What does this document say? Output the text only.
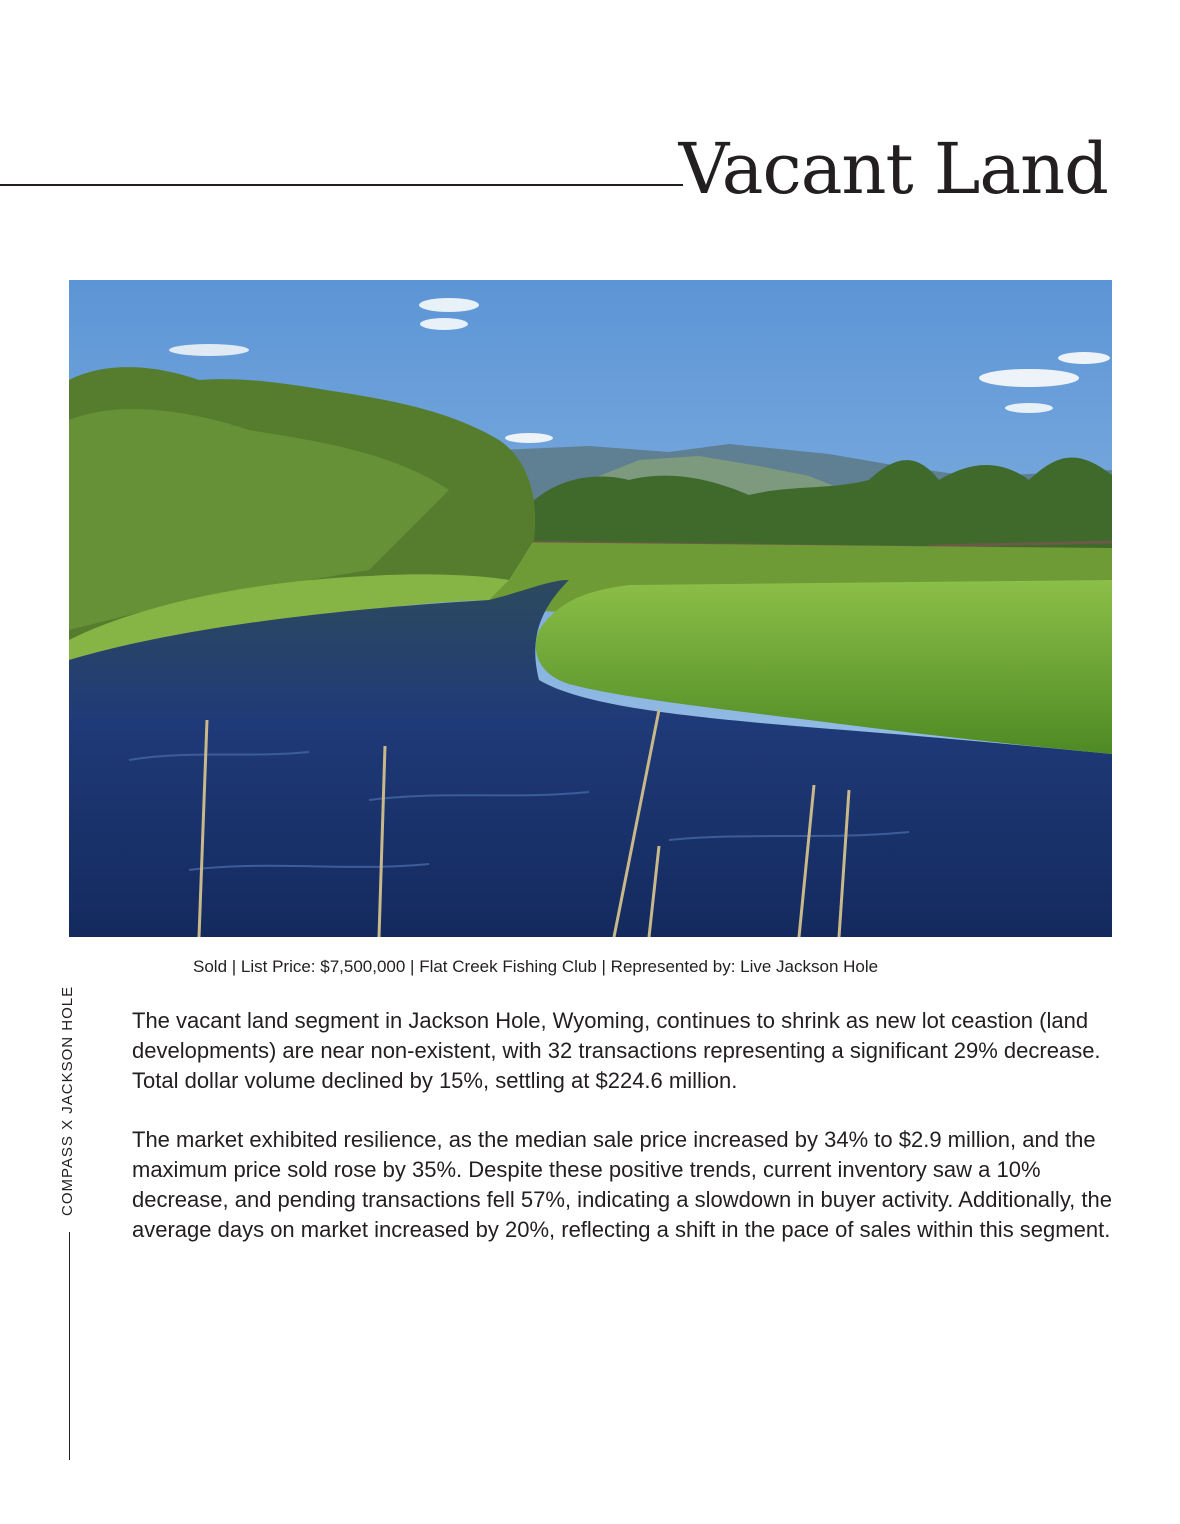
Vacant Land

Sold | List Price: $7,500,000 | Flat Creek Fishing Club | Represented by: Live Jackson Hole

COMPASS X JACKSON HOLE	The vacant land segment in Jackson Hole, Wyoming, continues to shrink as new lot ceastion (land developments) are near non-existent, with 32 transactions representing a significant 29% decrease. Total dollar volume declined by 15%, settling at $224.6 million.

The market exhibited resilience, as the median sale price increased by 34% to $2.9 million, and the maximum price sold rose by 35%. Despite these positive trends, current inventory saw a 10% decrease, and pending transactions fell 57%, indicating a slowdown in buyer activity. Additionally, the average days on market increased by 20%, reflecting a shift in the pace of sales within this segment.
